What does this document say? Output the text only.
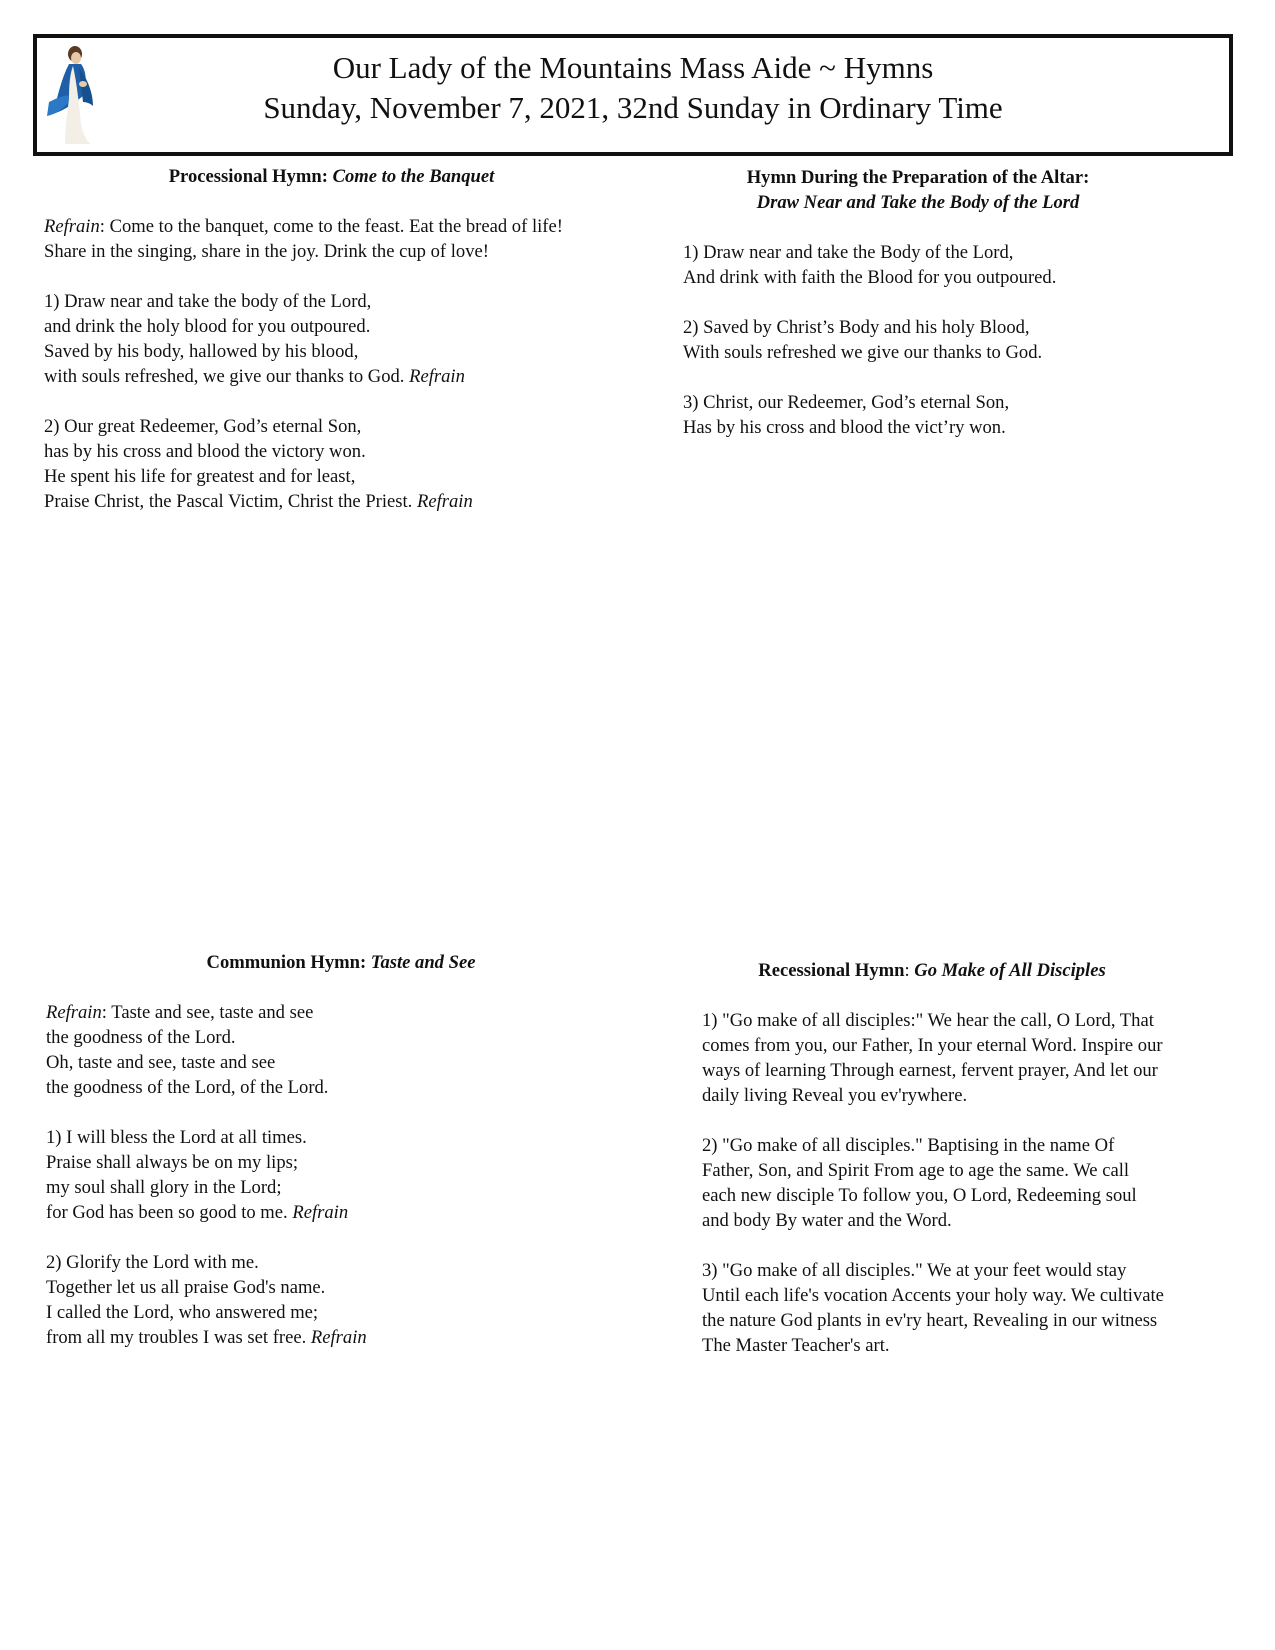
Our Lady of the Mountains Mass Aide ~ Hymns
Sunday, November 7, 2021, 32nd Sunday in Ordinary Time
Processional Hymn: Come to the Banquet
Refrain: Come to the banquet, come to the feast. Eat the bread of life!
Share in the singing, share in the joy. Drink the cup of love!
1) Draw near and take the body of the Lord,
and drink the holy blood for you outpoured.
Saved by his body, hallowed by his blood,
with souls refreshed, we give our thanks to God. Refrain
2) Our great Redeemer, God’s eternal Son,
has by his cross and blood the victory won.
He spent his life for greatest and for least,
Praise Christ, the Pascal Victim, Christ the Priest. Refrain
Hymn During the Preparation of the Altar:
Draw Near and Take the Body of the Lord
1) Draw near and take the Body of the Lord,
And drink with faith the Blood for you outpoured.
2) Saved by Christ’s Body and his holy Blood,
With souls refreshed we give our thanks to God.
3) Christ, our Redeemer, God’s eternal Son,
Has by his cross and blood the vict’ry won.
Communion Hymn: Taste and See
Refrain: Taste and see, taste and see
the goodness of the Lord.
Oh, taste and see, taste and see
the goodness of the Lord, of the Lord.
1) I will bless the Lord at all times.
Praise shall always be on my lips;
my soul shall glory in the Lord;
for God has been so good to me. Refrain
2) Glorify the Lord with me.
Together let us all praise God's name.
I called the Lord, who answered me;
from all my troubles I was set free. Refrain
Recessional Hymn: Go Make of All Disciples
1) "Go make of all disciples:" We hear the call, O Lord, That
comes from you, our Father, In your eternal Word. Inspire our
ways of learning Through earnest, fervent prayer, And let our
daily living Reveal you ev'rywhere.
2) "Go make of all disciples." Baptising in the name Of
Father, Son, and Spirit From age to age the same. We call
each new disciple To follow you, O Lord, Redeeming soul
and body By water and the Word.
3) "Go make of all disciples." We at your feet would stay
Until each life's vocation Accents your holy way. We cultivate
the nature God plants in ev'ry heart, Revealing in our witness
The Master Teacher's art.
